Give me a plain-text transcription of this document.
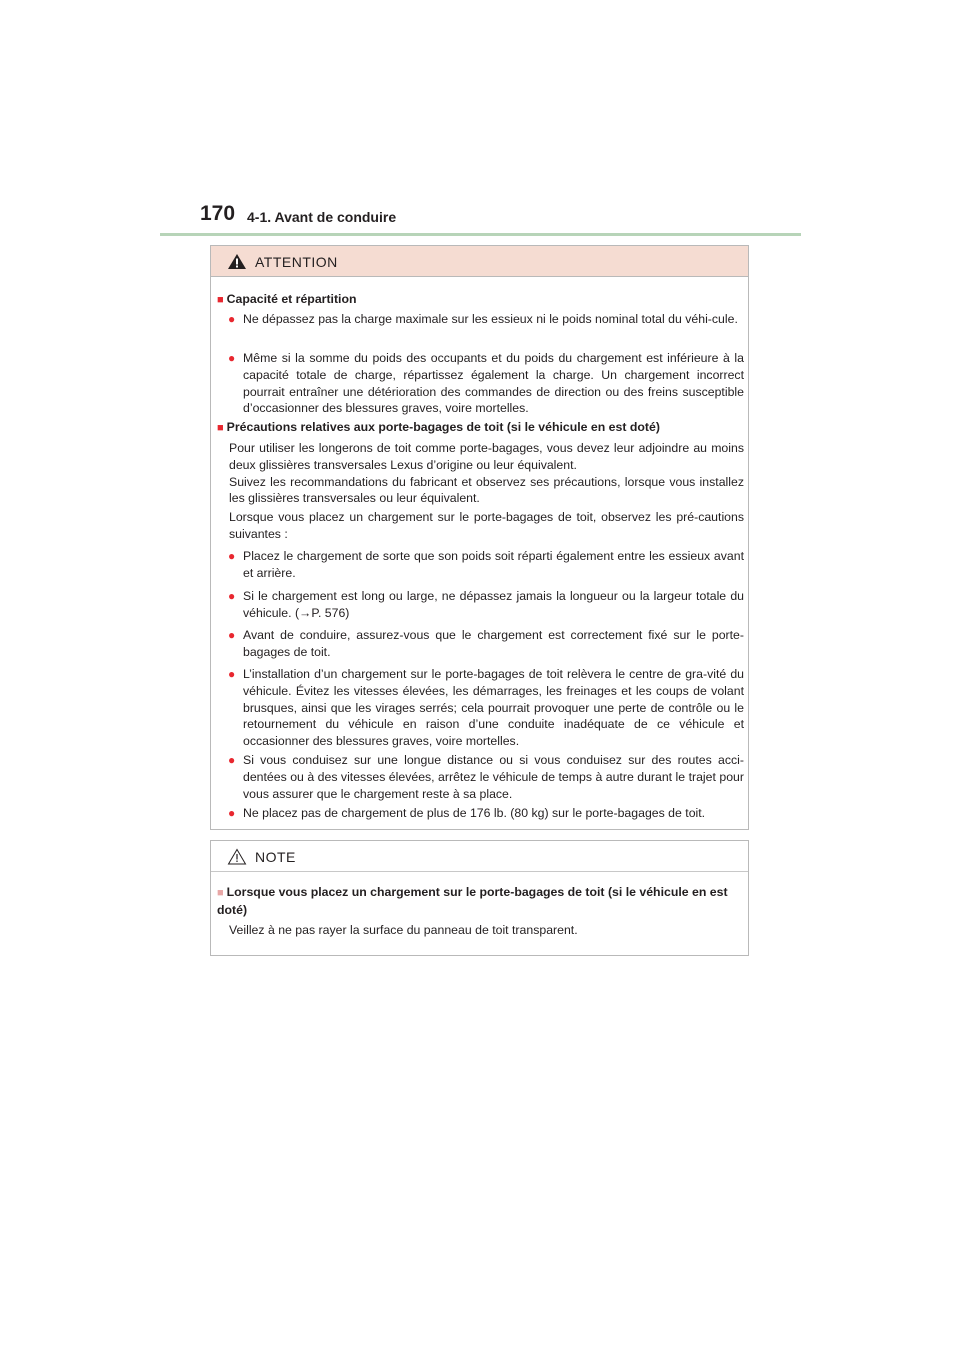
170 4-1. Avant de conduire
ATTENTION
■ Capacité et répartition
● Ne dépassez pas la charge maximale sur les essieux ni le poids nominal total du véhi-cule.
● Même si la somme du poids des occupants et du poids du chargement est inférieure à la capacité totale de charge, répartissez également la charge. Un chargement incorrect pourrait entraîner une détérioration des commandes de direction ou des freins susceptible d’occasionner des blessures graves, voire mortelles.
■ Précautions relatives aux porte-bagages de toit (si le véhicule en est doté)
Pour utiliser les longerons de toit comme porte-bagages, vous devez leur adjoindre au moins deux glissières transversales Lexus d’origine ou leur équivalent.
Suivez les recommandations du fabricant et observez ses précautions, lorsque vous installez les glissières transversales ou leur équivalent.
Lorsque vous placez un chargement sur le porte-bagages de toit, observez les pré-cautions suivantes :
● Placez le chargement de sorte que son poids soit réparti également entre les essieux avant et arrière.
● Si le chargement est long ou large, ne dépassez jamais la longueur ou la largeur totale du véhicule. (→P. 576)
● Avant de conduire, assurez-vous que le chargement est correctement fixé sur le porte-bagages de toit.
● L’installation d’un chargement sur le porte-bagages de toit relèvera le centre de gra-vité du véhicule. Évitez les vitesses élevées, les démarrages, les freinages et les coups de volant brusques, ainsi que les virages serrés; cela pourrait provoquer une perte de contrôle ou le retournement du véhicule en raison d’une conduite inadéquate de ce véhicule et occasionner des blessures graves, voire mortelles.
● Si vous conduisez sur une longue distance ou si vous conduisez sur des routes acci-dentées ou à des vitesses élevées, arrêtez le véhicule de temps à autre durant le trajet pour vous assurer que le chargement reste à sa place.
● Ne placez pas de chargement de plus de 176 lb. (80 kg) sur le porte-bagages de toit.
NOTE
■ Lorsque vous placez un chargement sur le porte-bagages de toit (si le véhicule en est doté)
Veillez à ne pas rayer la surface du panneau de toit transparent.
